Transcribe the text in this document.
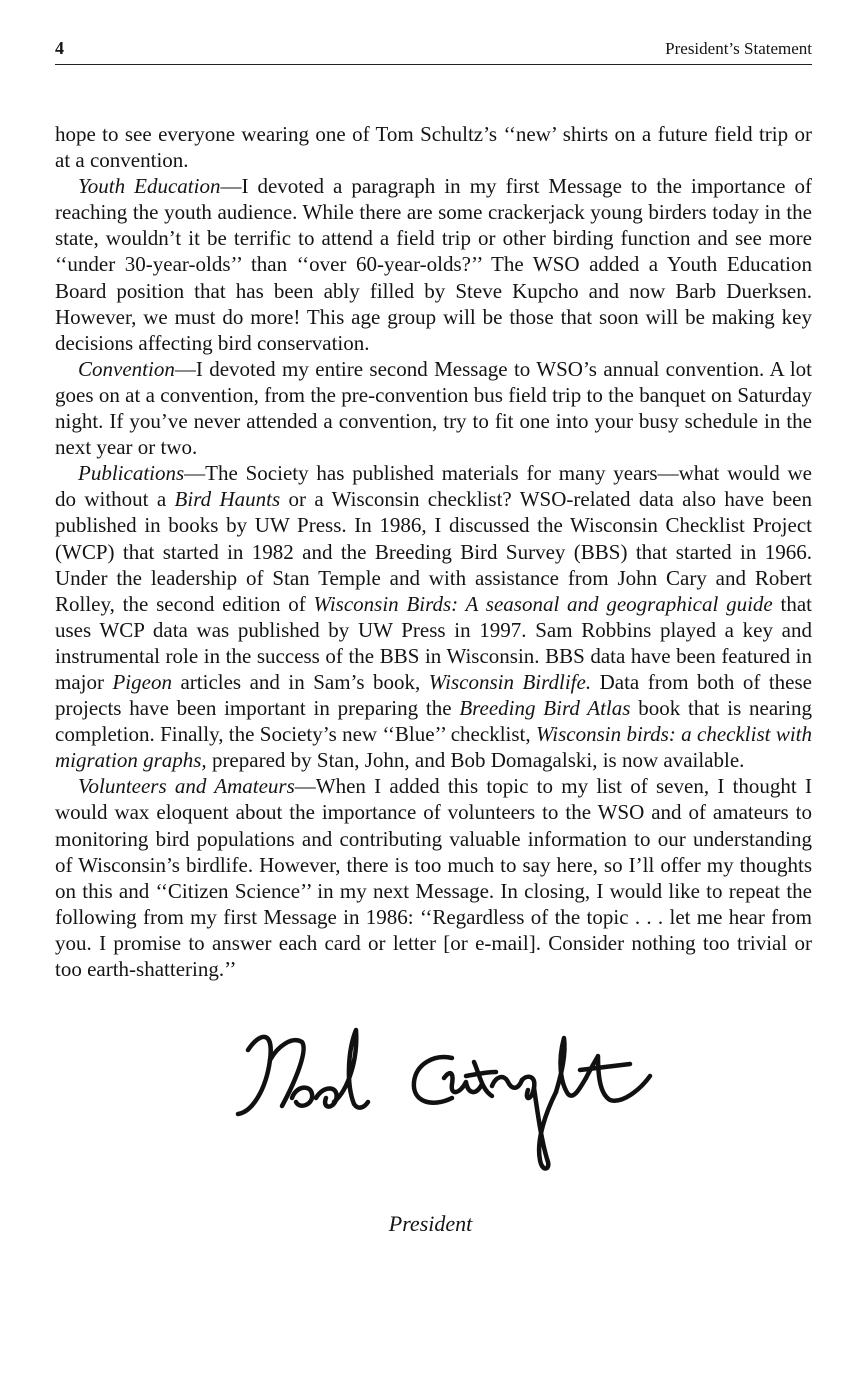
4	President’s Statement

hope to see everyone wearing one of Tom Schultz’s ‘‘new’ shirts on a future field trip or at a convention.

Youth Education—I devoted a paragraph in my first Message to the importance of reaching the youth audience. While there are some crackerjack young birders today in the state, wouldn’t it be terrific to attend a field trip or other birding function and see more ‘‘under 30-year-olds’’ than ‘‘over 60-year-olds?’’ The WSO added a Youth Education Board position that has been ably filled by Steve Kupcho and now Barb Duerksen. However, we must do more! This age group will be those that soon will be making key decisions affecting bird conservation.

Convention—I devoted my entire second Message to WSO’s annual convention. A lot goes on at a convention, from the pre-convention bus field trip to the banquet on Saturday night. If you’ve never attended a convention, try to fit one into your busy schedule in the next year or two.

Publications—The Society has published materials for many years—what would we do without a Bird Haunts or a Wisconsin checklist? WSO-related data also have been published in books by UW Press. In 1986, I discussed the Wisconsin Checklist Project (WCP) that started in 1982 and the Breeding Bird Survey (BBS) that started in 1966. Under the leadership of Stan Temple and with assistance from John Cary and Robert Rolley, the second edition of Wisconsin Birds: A seasonal and geographical guide that uses WCP data was published by UW Press in 1997. Sam Robbins played a key and instrumental role in the success of the BBS in Wisconsin. BBS data have been featured in major Pigeon articles and in Sam’s book, Wisconsin Birdlife. Data from both of these projects have been important in preparing the Breeding Bird Atlas book that is nearing completion. Finally, the Society’s new ‘‘Blue’’ checklist, Wisconsin birds: a checklist with migration graphs, prepared by Stan, John, and Bob Domagalski, is now available.

Volunteers and Amateurs—When I added this topic to my list of seven, I thought I would wax eloquent about the importance of volunteers to the WSO and of amateurs to monitoring bird populations and contributing valuable information to our understanding of Wisconsin’s birdlife. However, there is too much to say here, so I’ll offer my thoughts on this and ‘‘Citizen Science’’ in my next Message. In closing, I would like to repeat the following from my first Message in 1986: ‘‘Regardless of the topic . . . let me hear from you. I promise to answer each card or letter [or e-mail]. Consider nothing too trivial or too earth-shattering.’’

President
